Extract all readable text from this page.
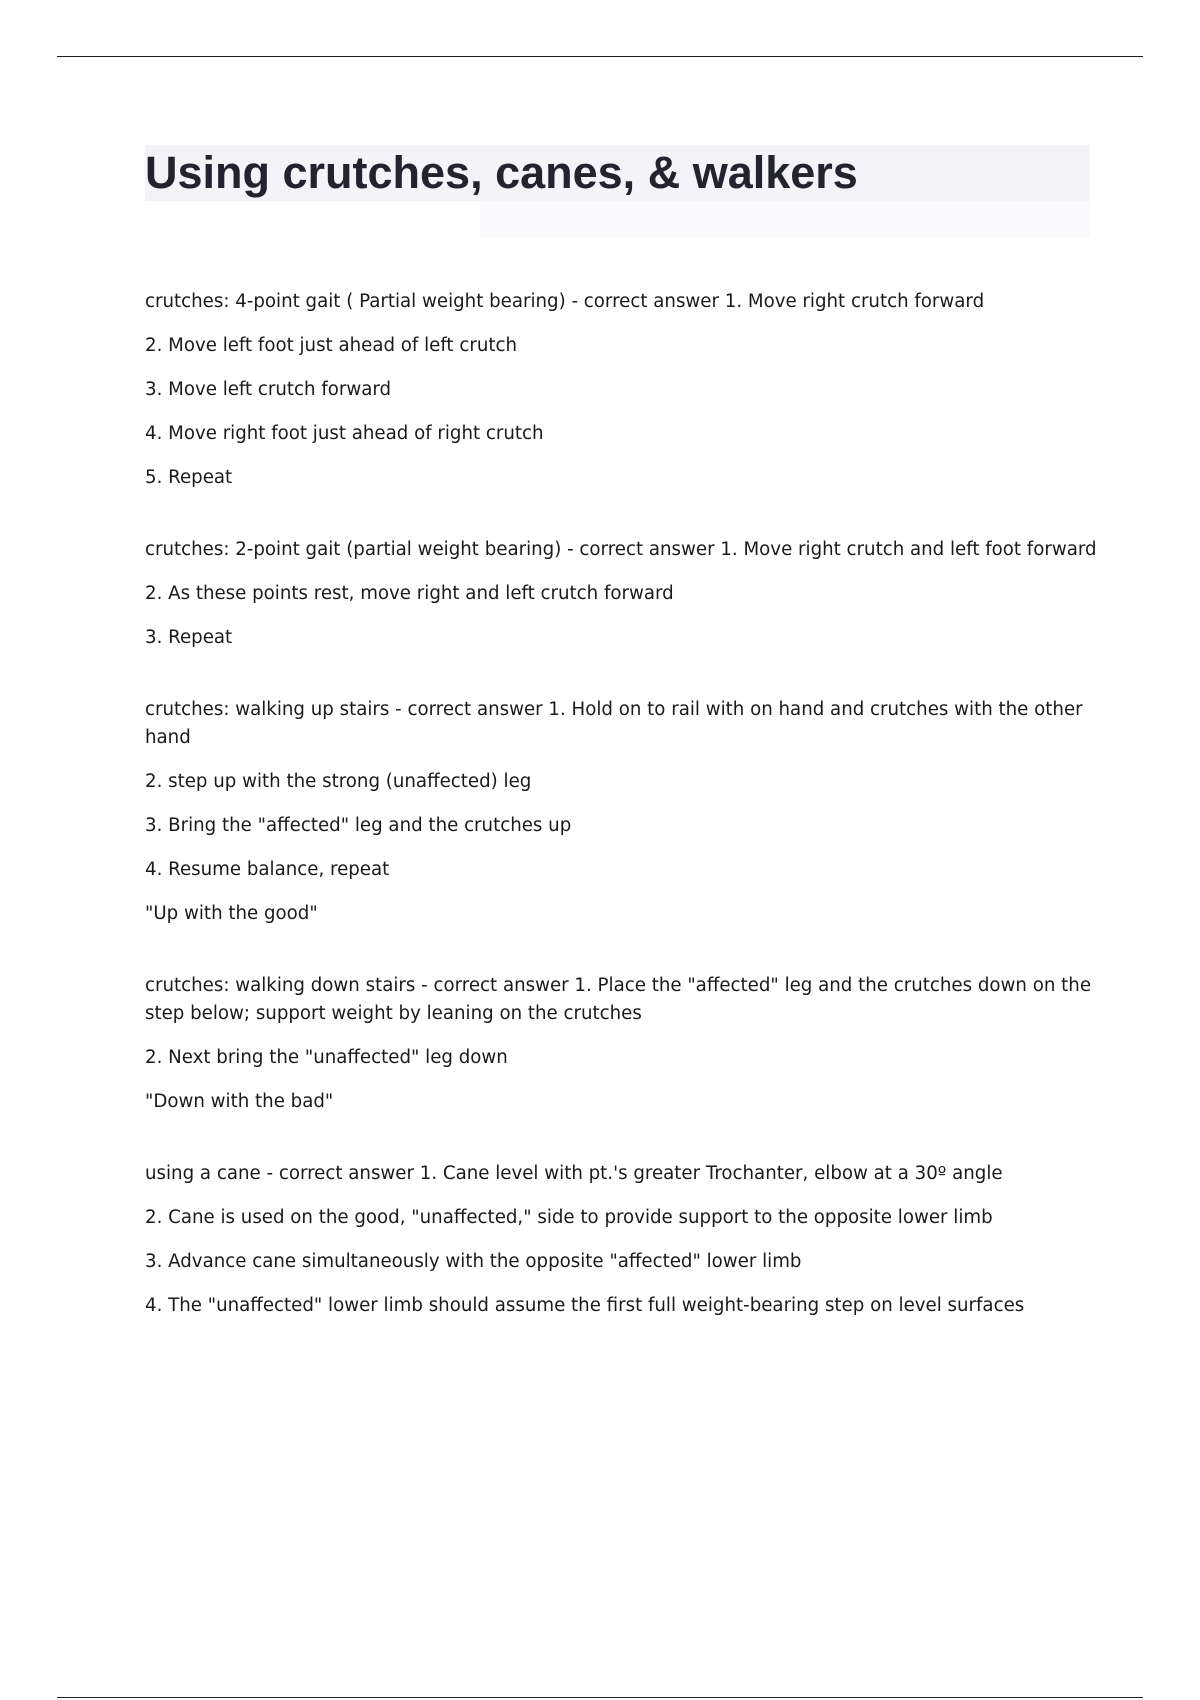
Using crutches, canes, & walkers

crutches: 4-point gait ( Partial weight bearing) - correct answer 1. Move right crutch forward

2. Move left foot just ahead of left crutch

3. Move left crutch forward

4. Move right foot just ahead of right crutch

5. Repeat

crutches: 2-point gait (partial weight bearing) - correct answer 1. Move right crutch and left foot forward

2. As these points rest, move right and left crutch forward

3. Repeat

crutches: walking up stairs - correct answer 1. Hold on to rail with on hand and crutches with the other hand

2. step up with the strong (unaffected) leg

3. Bring the "affected" leg and the crutches up

4. Resume balance, repeat

"Up with the good"

crutches: walking down stairs - correct answer 1. Place the "affected" leg and the crutches down on the step below; support weight by leaning on the crutches

2. Next bring the "unaffected" leg down

"Down with the bad"

using a cane - correct answer 1. Cane level with pt.'s greater Trochanter, elbow at a 30º angle

2. Cane is used on the good, "unaffected," side to provide support to the opposite lower limb

3. Advance cane simultaneously with the opposite "affected" lower limb

4. The "unaffected" lower limb should assume the first full weight-bearing step on level surfaces
